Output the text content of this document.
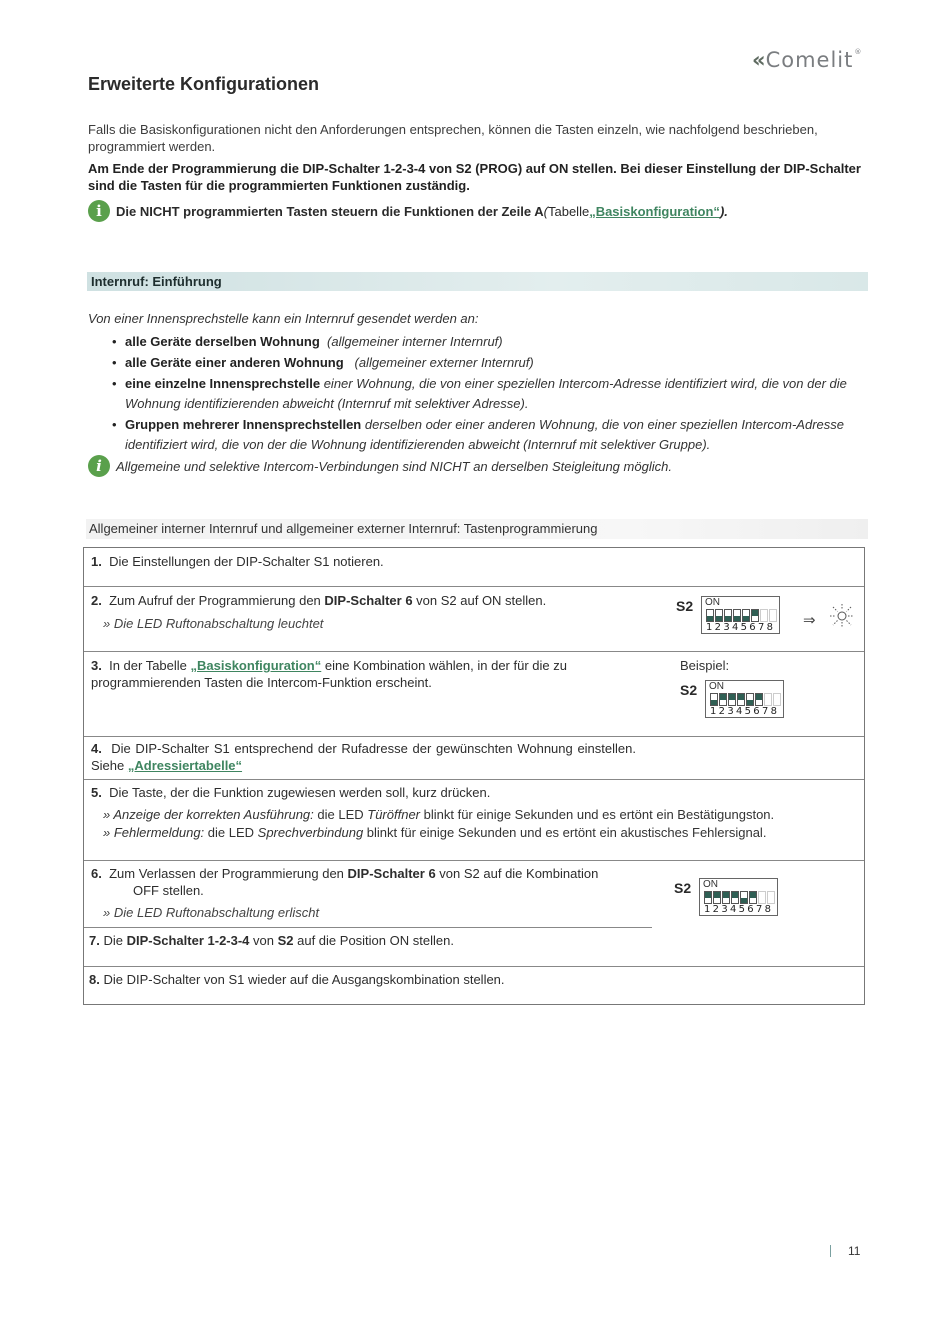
« Comelit®
Erweiterte Konfigurationen
Falls die Basiskonfigurationen nicht den Anforderungen entsprechen, können die Tasten einzeln, wie nachfolgend beschrieben, programmiert werden.
Am Ende der Programmierung die DIP-Schalter 1-2-3-4 von S2 (PROG) auf ON stellen. Bei dieser Einstellung der DIP-Schalter sind die Tasten für die programmierten Funktionen zuständig.
i	Die NICHT programmierten Tasten steuern die Funktionen der Zeile A ( Tabelle „Basiskonfiguration“ ).
Internruf: Einführung
Von einer Innensprechstelle kann ein Internruf gesendet werden an:
• alle Geräte derselben Wohnung (allgemeiner interner Internruf)
• alle Geräte einer anderen Wohnung (allgemeiner externer Internruf)
• eine einzelne Innensprechstelle einer Wohnung, die von einer speziellen Intercom-Adresse identifiziert wird, die von der die Wohnung identifizierenden abweicht (Internruf mit selektiver Adresse).
• Gruppen mehrerer Innensprechstellen derselben oder einer anderen Wohnung, die von einer speziellen Intercom-Adresse identifiziert wird, die von der die Wohnung identifizierenden abweicht (Internruf mit selektiver Gruppe).
i	Allgemeine und selektive Intercom-Verbindungen sind NICHT an derselben Steigleitung möglich.
Allgemeiner interner Internruf und allgemeiner externer Internruf: Tastenprogrammierung
1. Die Einstellungen der DIP-Schalter S1 notieren.
2. Zum Aufruf der Programmierung den DIP-Schalter 6 von S2 auf ON stellen.
» Die LED Ruftonabschaltung leuchtet
S2 ON
12345678
3. In der Tabelle „Basiskonfiguration“ eine Kombination wählen, in der für die zu programmierenden Tasten die Intercom-Funktion erscheint.
Beispiel:
S2 ON
12345678
4. Die DIP-Schalter S1 entsprechend der Rufadresse der gewünschten Wohnung einstellen. Siehe „Adressiertabelle“
5. Die Taste, der die Funktion zugewiesen werden soll, kurz drücken.
» Anzeige der korrekten Ausführung: die LED Türöffner blinkt für einige Sekunden und es ertönt ein Bestätigungston.
» Fehlermeldung: die LED Sprechverbindung blinkt für einige Sekunden und es ertönt ein akustisches Fehlersignal.
6. Zum Verlassen der Programmierung den DIP-Schalter 6 von S2 auf die Kombination
OFF stellen.
» Die LED Ruftonabschaltung erlischt
S2 ON
12345678
7. Die DIP-Schalter 1-2-3-4 von S2 auf die Position ON stellen.
8. Die DIP-Schalter von S1 wieder auf die Ausgangskombination stellen.
⇒
11
